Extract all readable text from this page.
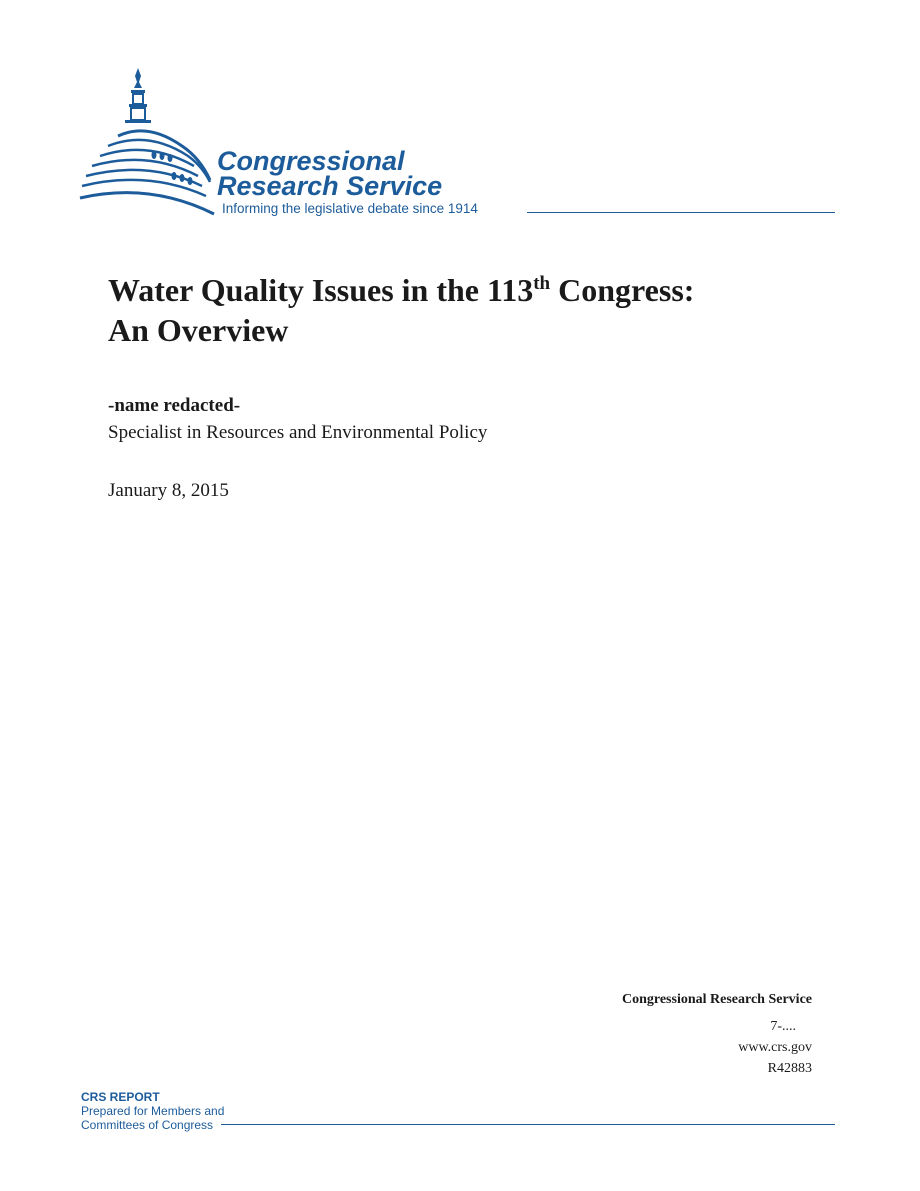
Congressional
Research Service
Informing the legislative debate since 1914
Water Quality Issues in the 113th Congress:
An Overview
-name redacted-
Specialist in Resources and Environmental Policy
January 8, 2015
Congressional Research Service
7-....
www.crs.gov
R42883
CRS REPORT
Prepared for Members and
Committees of Congress
